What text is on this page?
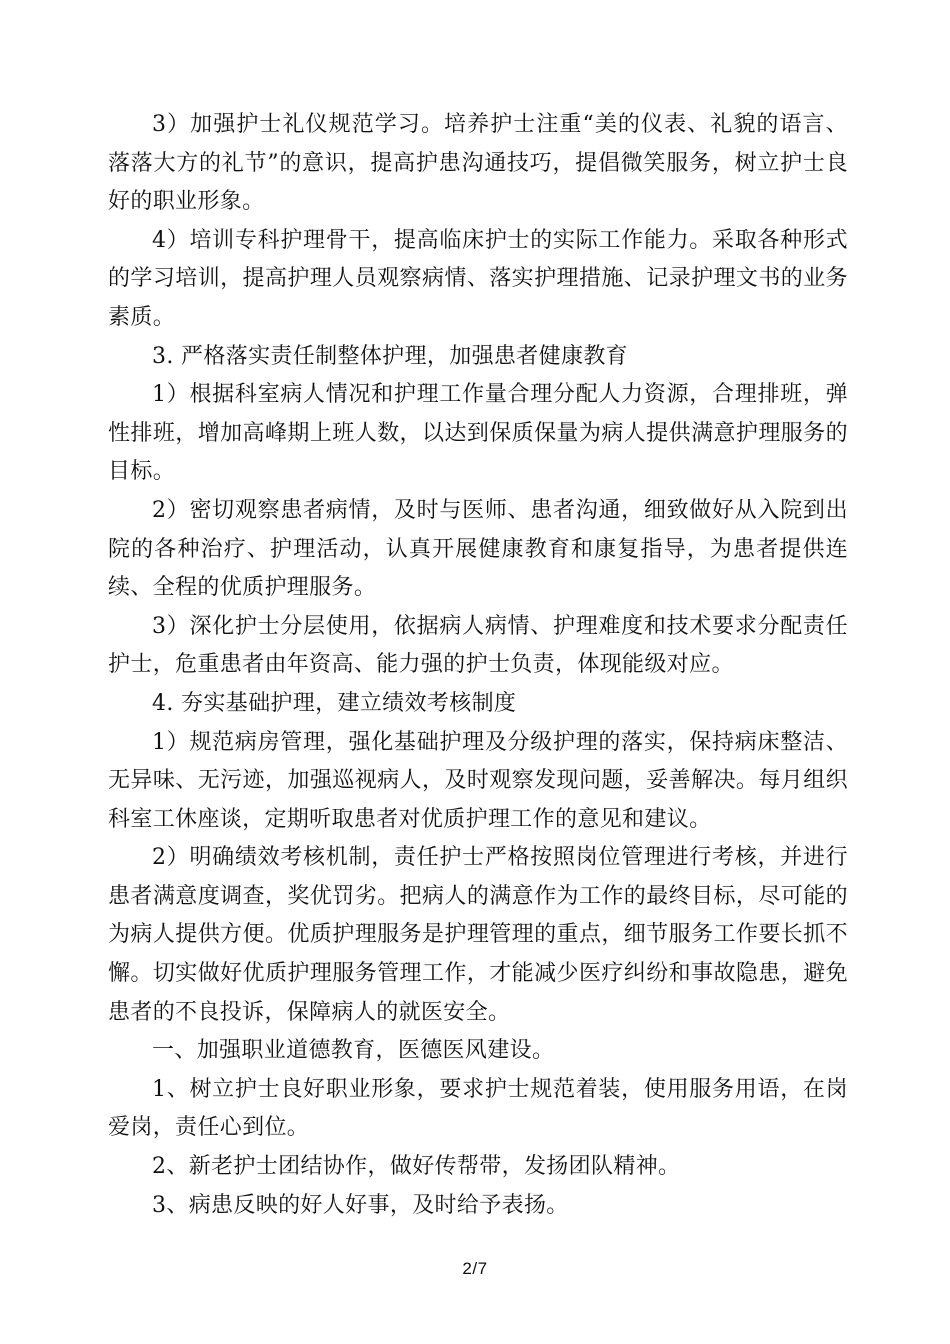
3）加强护士礼仪规范学习。培养护士注重“美的仪表、礼貌的语言、落落大方的礼节”的意识，提高护患沟通技巧，提倡微笑服务，树立护士良好的职业形象。

4）培训专科护理骨干，提高临床护士的实际工作能力。采取各种形式的学习培训，提高护理人员观察病情、落实护理措施、记录护理文书的业务素质。

3. 严格落实责任制整体护理，加强患者健康教育

1）根据科室病人情况和护理工作量合理分配人力资源，合理排班，弹性排班，增加高峰期上班人数，以达到保质保量为病人提供满意护理服务的目标。

2）密切观察患者病情，及时与医师、患者沟通，细致做好从入院到出院的各种治疗、护理活动，认真开展健康教育和康复指导，为患者提供连续、全程的优质护理服务。

3）深化护士分层使用，依据病人病情、护理难度和技术要求分配责任护士，危重患者由年资高、能力强的护士负责，体现能级对应。

4. 夯实基础护理，建立绩效考核制度

1）规范病房管理，强化基础护理及分级护理的落实，保持病床整洁、无异味、无污迹，加强巡视病人，及时观察发现问题，妥善解决。每月组织科室工休座谈，定期听取患者对优质护理工作的意见和建议。

2）明确绩效考核机制，责任护士严格按照岗位管理进行考核，并进行患者满意度调查，奖优罚劣。把病人的满意作为工作的最终目标，尽可能的为病人提供方便。优质护理服务是护理管理的重点，细节服务工作要长抓不懈。切实做好优质护理服务管理工作，才能减少医疗纠纷和事故隐患，避免患者的不良投诉，保障病人的就医安全。

一、加强职业道德教育，医德医风建设。

1、树立护士良好职业形象，要求护士规范着装，使用服务用语，在岗爱岗，责任心到位。

2、新老护士团结协作，做好传帮带，发扬团队精神。

3、病患反映的好人好事，及时给予表扬。

2/7
